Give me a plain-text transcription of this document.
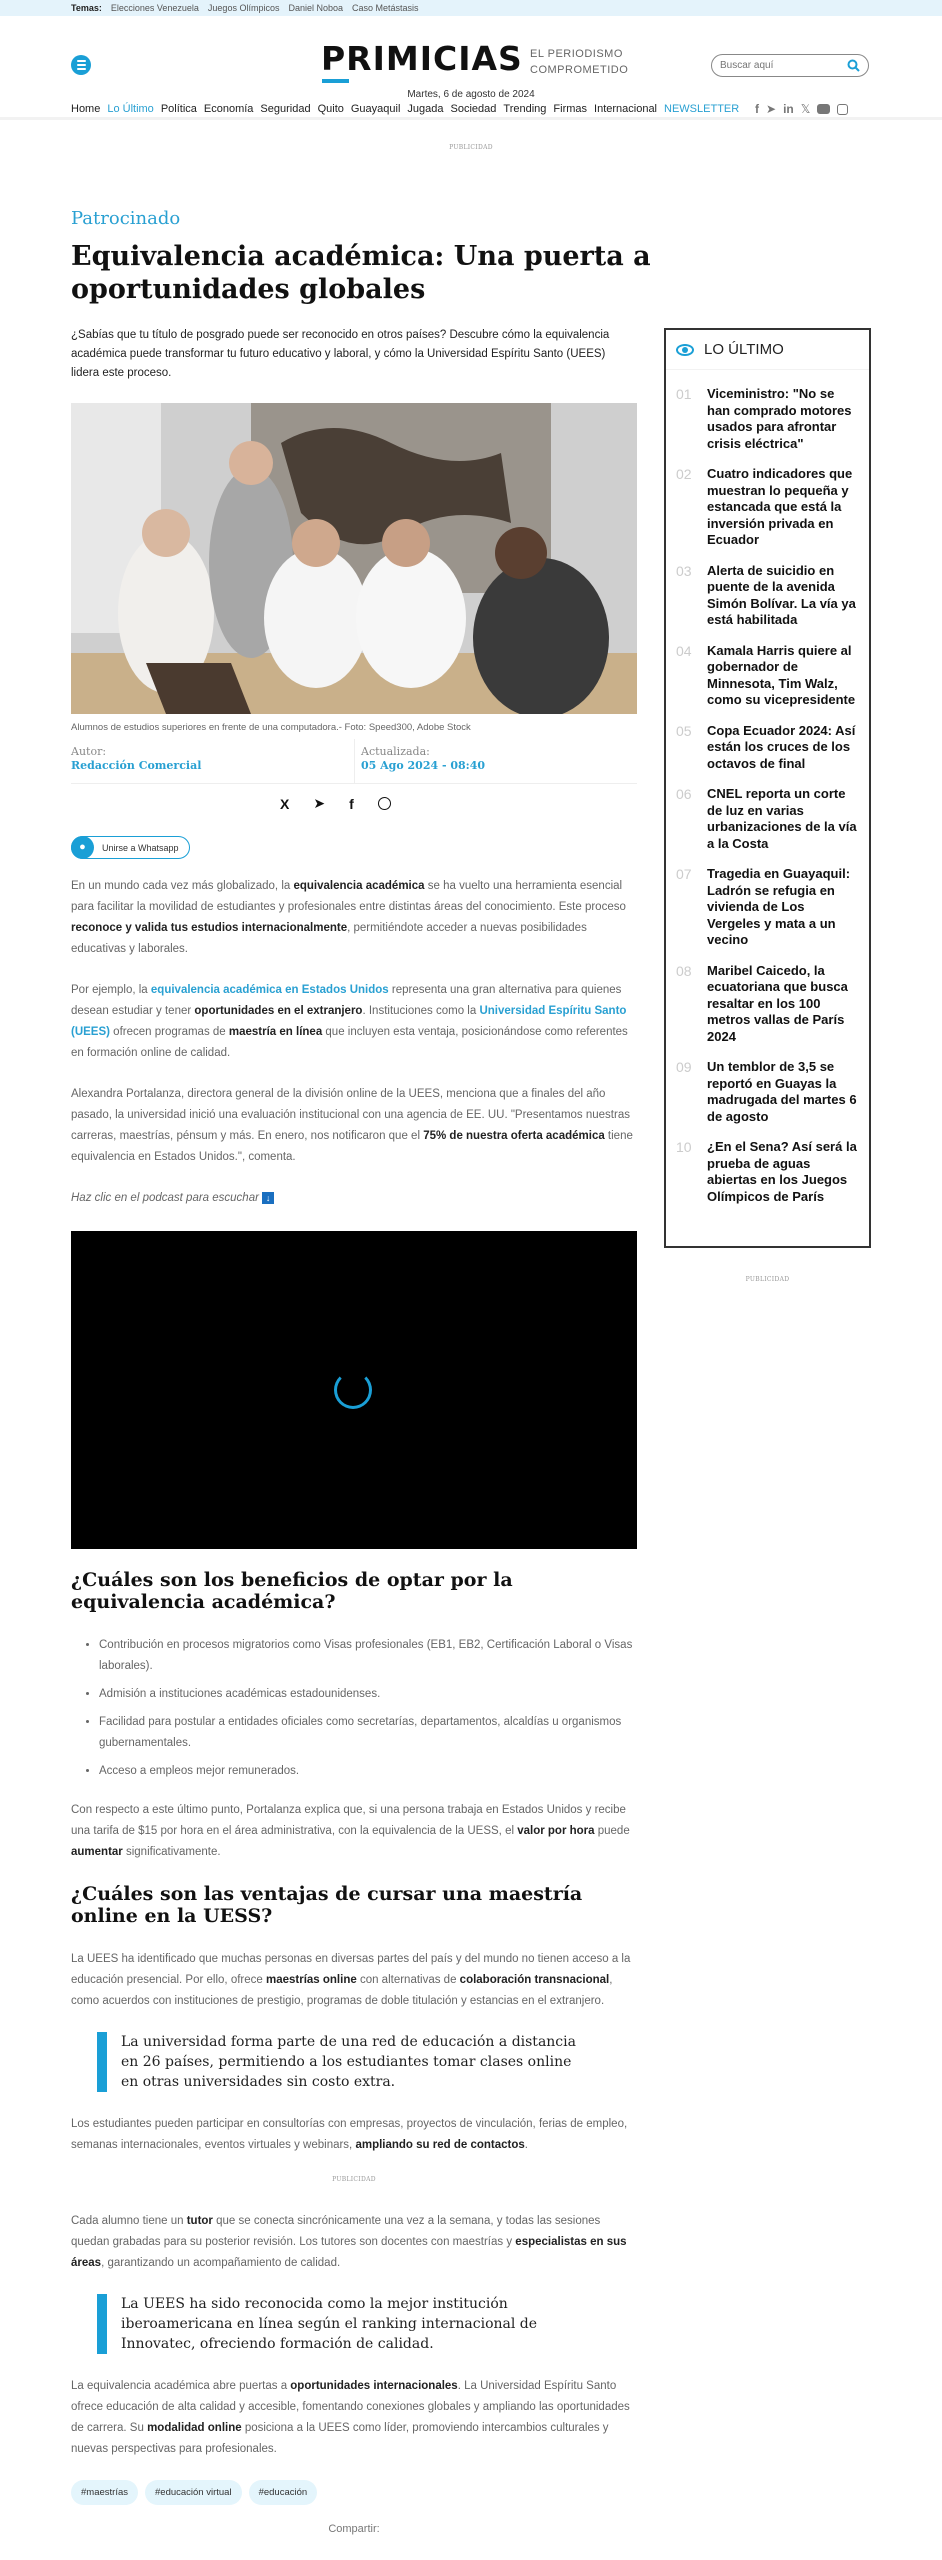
Temas: Elecciones Venezuela Juegos Olímpicos Daniel Noboa Caso Metástasis
PRIMICIAS EL PERIODISMO
COMPROMETIDO
Martes, 6 de agosto de 2024
Buscar aquí
Home Lo Último Política Economía Seguridad Quito Guayaquil Jugada Sociedad Trending Firmas Internacional NEWSLETTER f ➤ in 𝕏
PUBLICIDAD
Patrocinado
Equivalencia académica: Una puerta a oportunidades globales

¿Sabías que tu título de posgrado puede ser reconocido en otros países? Descubre cómo la equivalencia académica puede transformar tu futuro educativo y laboral, y cómo la Universidad Espíritu Santo (UEES) lidera este proceso.

Alumnos de estudios superiores en frente de una computadora.- Foto: Speed300, Adobe Stock
Autor:
Redacción Comercial
Actualizada:
05 Ago 2024 - 08:40
X ➤ f
●	Unirse a Whatsapp

En un mundo cada vez más globalizado, la equivalencia académica se ha vuelto una herramienta esencial para facilitar la movilidad de estudiantes y profesionales entre distintas áreas del conocimiento. Este proceso reconoce y valida tus estudios internacionalmente, permitiéndote acceder a nuevas posibilidades educativas y laborales.

Por ejemplo, la equivalencia académica en Estados Unidos representa una gran alternativa para quienes desean estudiar y tener oportunidades en el extranjero. Instituciones como la Universidad Espíritu Santo (UEES) ofrecen programas de maestría en línea que incluyen esta ventaja, posicionándose como referentes en formación online de calidad.

Alexandra Portalanza, directora general de la división online de la UEES, menciona que a finales del año pasado, la universidad inició una evaluación institucional con una agencia de EE. UU. "Presentamos nuestras carreras, maestrías, pénsum y más. En enero, nos notificaron que el 75% de nuestra oferta académica tiene equivalencia en Estados Unidos.", comenta.

Haz clic en el podcast para escuchar ↓

¿Cuáles son los beneficios de optar por la equivalencia académica?
• Contribución en procesos migratorios como Visas profesionales (EB1, EB2, Certificación Laboral o Visas laborales).
• Admisión a instituciones académicas estadounidenses.
• Facilidad para postular a entidades oficiales como secretarías, departamentos, alcaldías u organismos gubernamentales.
• Acceso a empleos mejor remunerados.

Con respecto a este último punto, Portalanza explica que, si una persona trabaja en Estados Unidos y recibe una tarifa de $15 por hora en el área administrativa, con la equivalencia de la UESS, el valor por hora puede aumentar significativamente.

¿Cuáles son las ventajas de cursar una maestría online en la UESS?

La UEES ha identificado que muchas personas en diversas partes del país y del mundo no tienen acceso a la educación presencial. Por ello, ofrece maestrías online con alternativas de colaboración transnacional, como acuerdos con instituciones de prestigio, programas de doble titulación y estancias en el extranjero.

La universidad forma parte de una red de educación a distancia en 26 países, permitiendo a los estudiantes tomar clases online en otras universidades sin costo extra.

Los estudiantes pueden participar en consultorías con empresas, proyectos de vinculación, ferias de empleo, semanas internacionales, eventos virtuales y webinars, ampliando su red de contactos.

PUBLICIDAD

Cada alumno tiene un tutor que se conecta sincrónicamente una vez a la semana, y todas las sesiones quedan grabadas para su posterior revisión. Los tutores son docentes con maestrías y especialistas en sus áreas, garantizando un acompañamiento de calidad.

La UEES ha sido reconocida como la mejor institución iberoamericana en línea según el ranking internacional de Innovatec, ofreciendo formación de calidad.

La equivalencia académica abre puertas a oportunidades internacionales. La Universidad Espíritu Santo ofrece educación de alta calidad y accesible, fomentando conexiones globales y ampliando las oportunidades de carrera. Su modalidad online posiciona a la UEES como líder, promoviendo intercambios culturales y nuevas perspectivas para profesionales.

#maestrías	#educación virtual	#educación
Compartir:
LO ÚLTIMO
01	Viceministro: "No se han comprado motores usados para afrontar crisis eléctrica"
02	Cuatro indicadores que muestran lo pequeña y estancada que está la inversión privada en Ecuador
03	Alerta de suicidio en puente de la avenida Simón Bolívar. La vía ya está habilitada
04	Kamala Harris quiere al gobernador de Minnesota, Tim Walz, como su vicepresidente
05	Copa Ecuador 2024: Así están los cruces de los octavos de final
06	CNEL reporta un corte de luz en varias urbanizaciones de la vía a la Costa
07	Tragedia en Guayaquil: Ladrón se refugia en vivienda de Los Vergeles y mata a un vecino
08	Maribel Caicedo, la ecuatoriana que busca resaltar en los 100 metros vallas de París 2024
09	Un temblor de 3,5 se reportó en Guayas la madrugada del martes 6 de agosto
10	¿En el Sena? Así será la prueba de aguas abiertas en los Juegos Olímpicos de París
PUBLICIDAD
